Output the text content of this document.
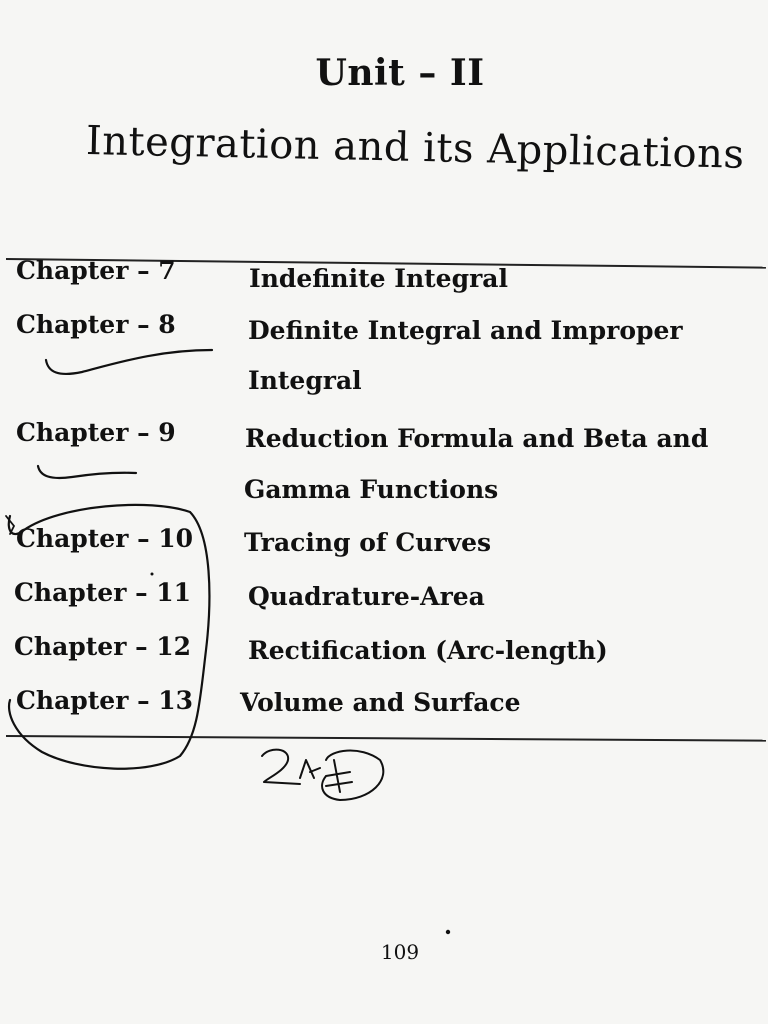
Unit – II
Integration and its Applications
Chapter – 7	Indefinite Integral
Chapter – 8	Definite Integral and Improper
Integral
Chapter – 9	Reduction Formula and Beta and
Gamma Functions
Chapter – 10 Tracing of Curves
Chapter – 11 Quadrature-Area
Chapter – 12 Rectification (Arc-length)
Chapter – 13 Volume and Surface
109
